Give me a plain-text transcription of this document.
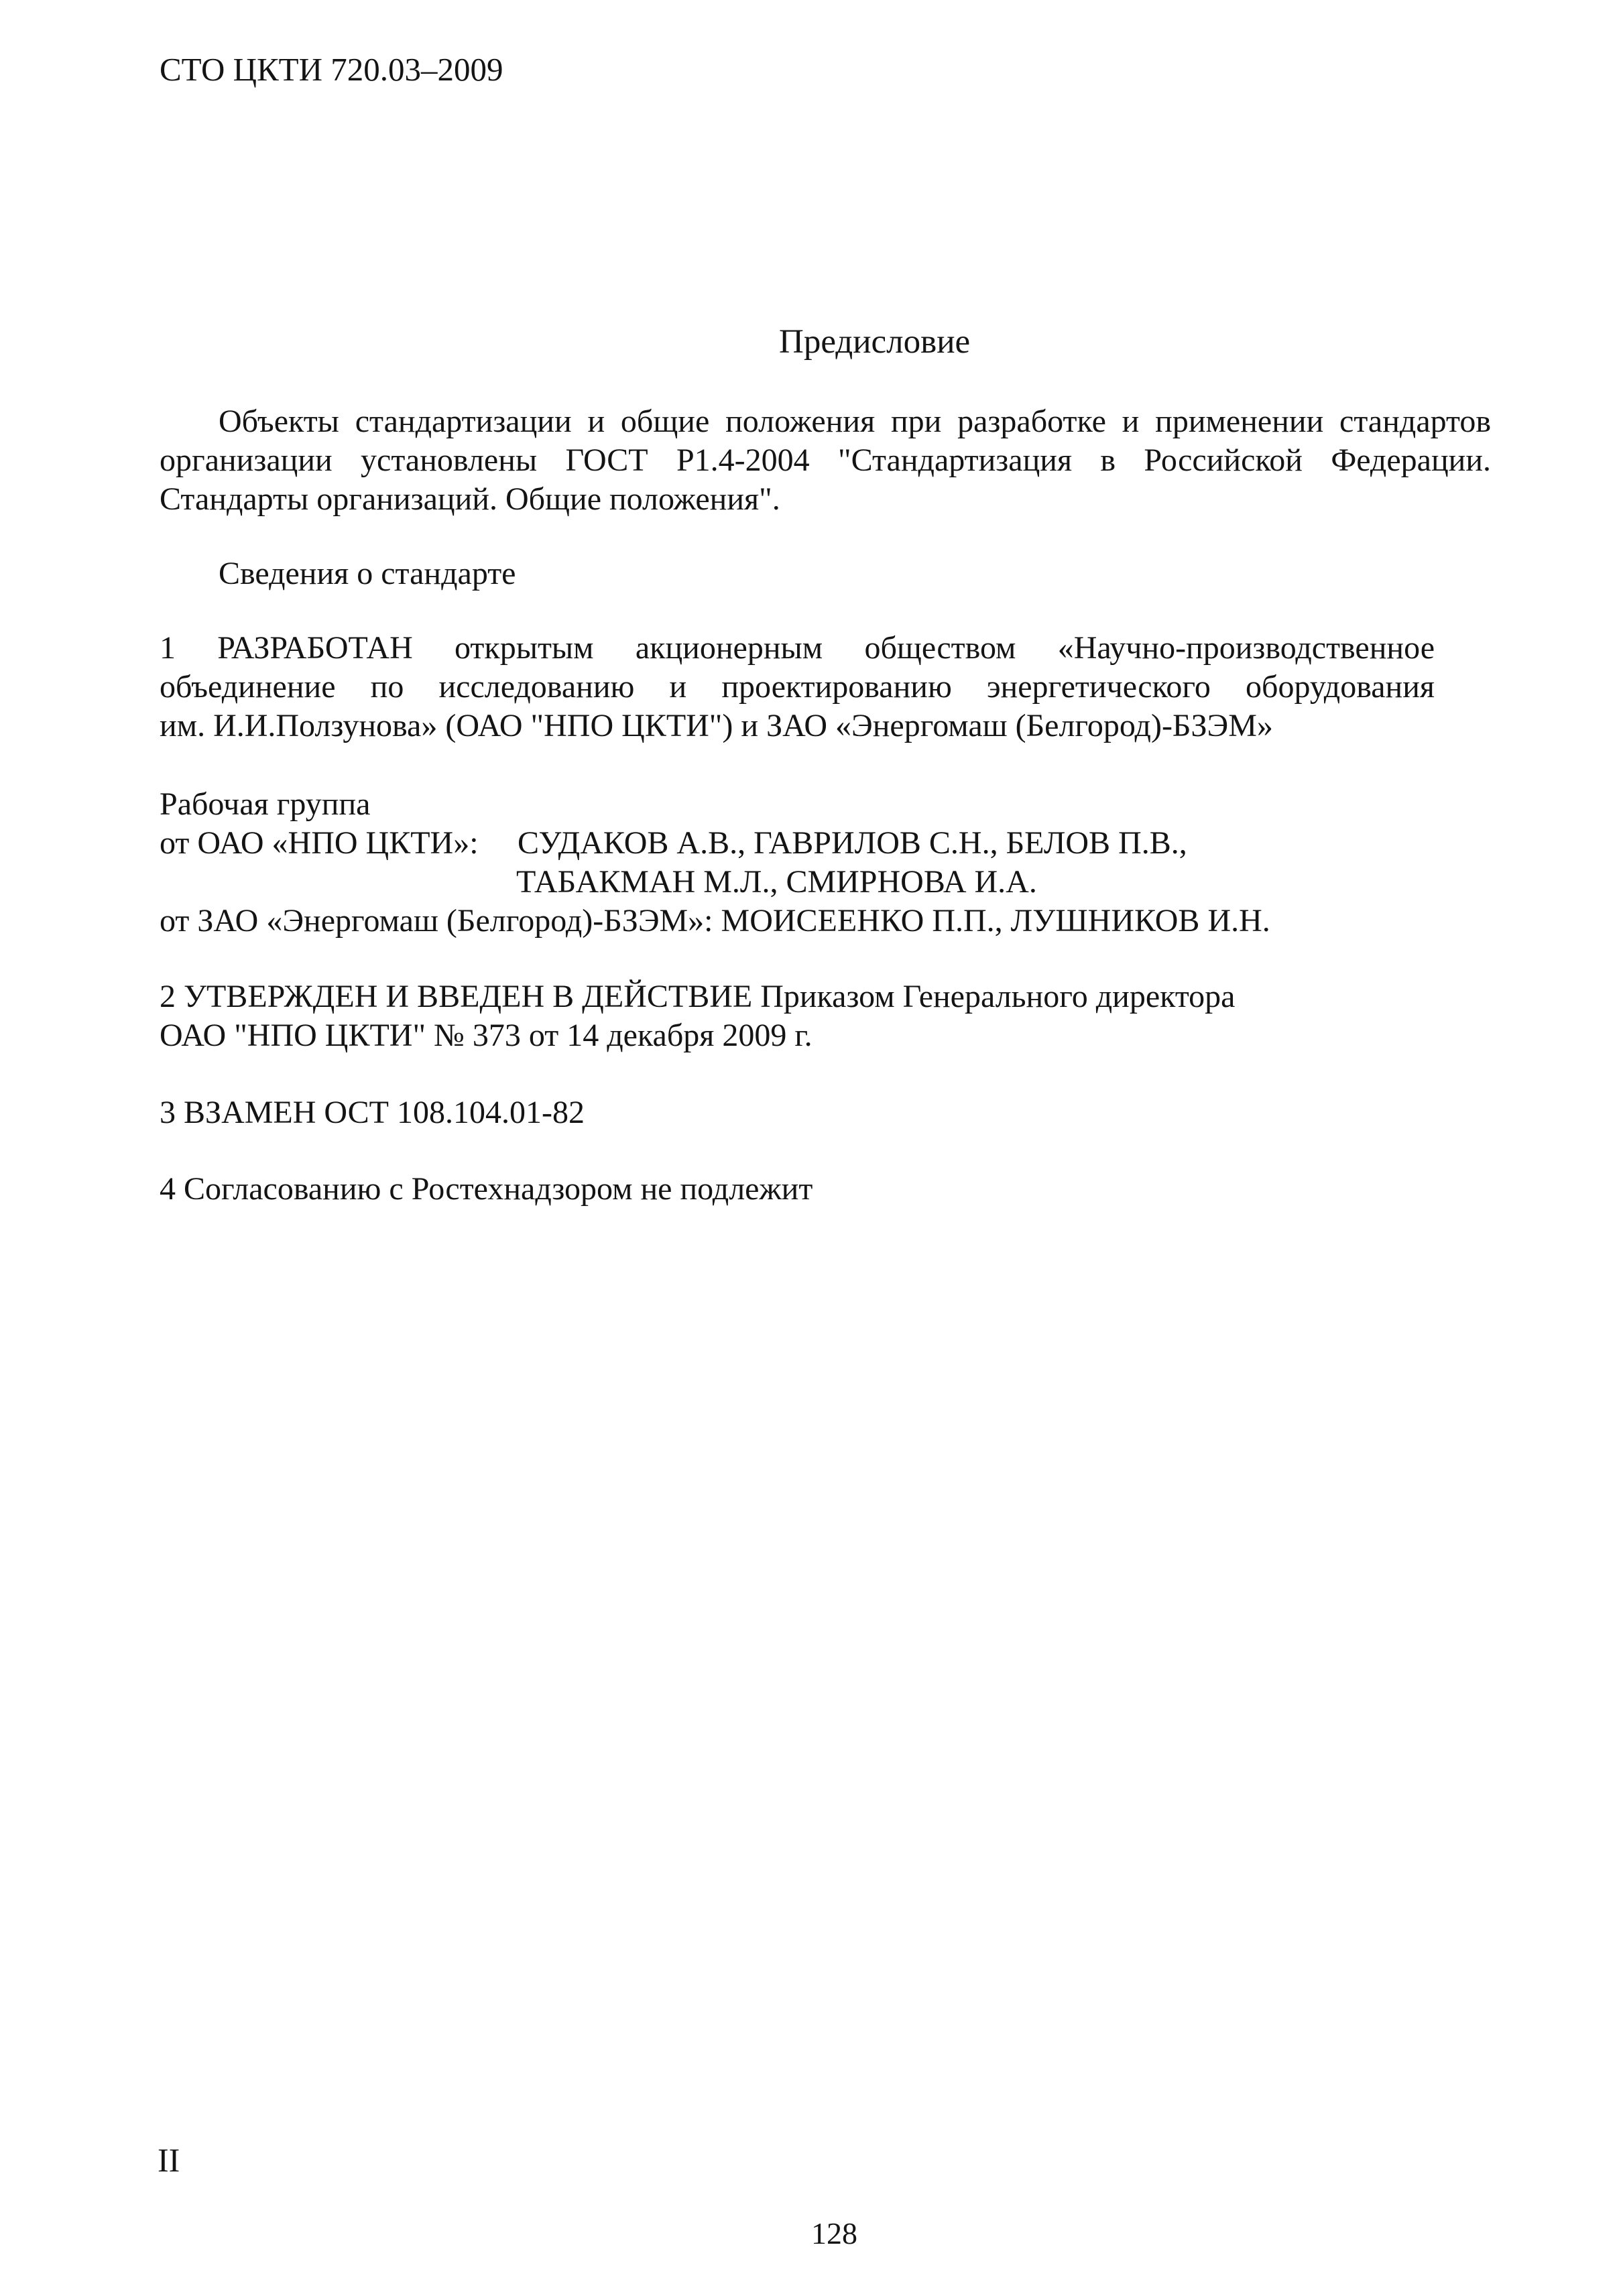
СТО ЦКТИ 720.03–2009
Предисловие
Объекты стандартизации и общие положения при разработке и применении стандартов
организации установлены ГОСТ Р1.4-2004 "Стандартизация в Российской Федерации.
Стандарты организаций. Общие положения".
Сведения о стандарте
1 РАЗРАБОТАН открытым акционерным обществом «Научно-производственное
объединение по исследованию и проектированию энергетического оборудования
им. И.И.Ползунова» (ОАО "НПО ЦКТИ") и ЗАО «Энергомаш (Белгород)-БЗЭМ»
Рабочая группа
от ОАО «НПО ЦКТИ»: СУДАКОВ А.В., ГАВРИЛОВ С.Н., БЕЛОВ П.В.,
ТАБАКМАН М.Л., СМИРНОВА И.А.
от ЗАО «Энергомаш (Белгород)-БЗЭМ»: МОИСЕЕНКО П.П., ЛУШНИКОВ И.Н.
2 УТВЕРЖДЕН И ВВЕДЕН В ДЕЙСТВИЕ Приказом Генерального директора
ОАО "НПО ЦКТИ" № 373 от 14 декабря 2009 г.
3 ВЗАМЕН ОСТ 108.104.01-82
4 Согласованию с Ростехнадзором не подлежит
II
128
